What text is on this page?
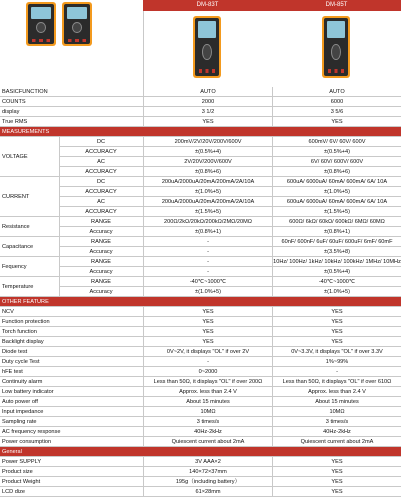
DM-83T	DM-85T
BASICFUNCTION	AUTO	AUTO
COUNTS	2000	6000
display	3 1/2	3 5/6
True RMS	YES	YES
MEASUREMENTS
DC	200mV/2V/20V/200V/600V	600mV/ 6V/ 60V/ 600V
ACCURACY	±(0.5%+4)	±(0.5%+4)
AC	2V/20V/200V/600V	6V/ 60V/ 600V/ 600V
ACCURACY	±(0.8%+6)	±(0.8%+6)
VOLTAGE
DC	200uA/2000uA/20mA/200mA/2A/10A	600uA/ 6000uA/ 60mA/ 600mA/ 6A/ 10A
ACCURACY	±(1.0%+5)	±(1.0%+5)
AC	200uA/2000uA/20mA/200mA/2A/10A	600uA/ 6000uA/ 60mA/ 600mA/ 6A/ 10A
ACCURACY	±(1.5%+5)	±(1.5%+5)
CURRENT
RANGE	200Ω/2kΩ/20kΩ/200kΩ/2MΩ/20MΩ	600Ω/ 6kΩ/ 60kΩ/ 600kΩ/ 6MΩ/ 60MΩ
Accuracy	±(0.8%+1)	±(0.8%+1)
Resistance
RANGE	-	60nF/ 600nF/ 6uF/ 60uF/ 600uF/ 6mF/ 60mF
Accuracy	-	±(3.5%+8)
Capacitance
RANGE	-	10Hz/ 100Hz/ 1kHz/ 10kHz/ 100kHz/ 1MHz/ 10MHz
Accuracy	-	±(0.5%+4)
Fequency
RANGE	-40℃~1000℃	-40℃~1000℃
Accuracy	±(1.0%+5)	±(1.0%+5)
Temperature
OTHER FEATURE
NCV	YES	YES
Function protection	YES	YES
Torch function	YES	YES
Backlight display	YES	YES
Diode test	0V~2V, it displays "OL" if over 2V	0V~3.3V, it displays "OL" if over 3.3V
Duty cycle Test	-	1%~99%
hFE test	0~2000	-
Continuity alarm	Less than 50Ω, it displays "OL" if over 200Ω	Less than 50Ω, it displays "OL" if over 610Ω
Low battery indicator	Approx. less than 2.4 V	Approx. less than 2.4 V
Auto power off	About 15 minutes	About 15 minutes
Input impedance	10MΩ	10MΩ
Sampling rate	3 times/s	3 times/s
AC frequency response	40Hz-2kHz	40Hz-2kHz
Power consumption	Quiescent current about 2mA	Quiescent current about 2mA
General
Power SUPPLY	3V AAA×2	YES
Product size	140×72×37mm	YES
Product Weight	195g（including battery）	YES
LCD dize	61×28mm	YES
